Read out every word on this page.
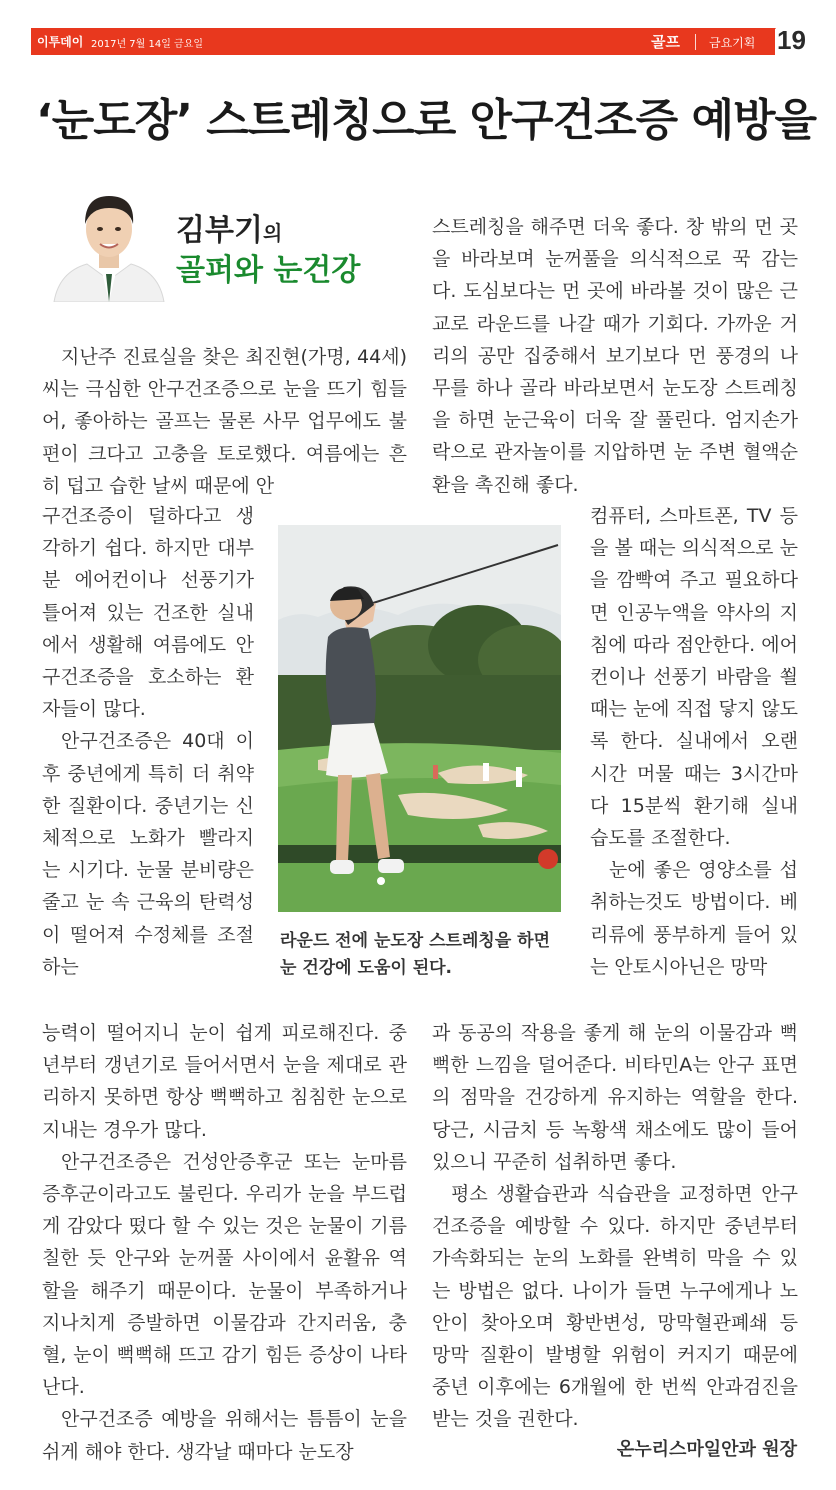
이투데이 2017년 7월 14일 금요일	골프 금요기획 19
‘눈도장’ 스트레칭으로 안구건조증 예방을
김부기의
골퍼와 눈건강

지난주 진료실을 찾은 최진현(가명, 44세) 씨는 극심한 안구건조증으로 눈을 뜨기 힘들어, 좋아하는 골프는 물론 사무 업무에도 불편이 크다고 고충을 토로했다. 여름에는 흔히 덥고 습한 날씨 때문에 안

구건조증이 덜하다고 생각하기 쉽다. 하지만 대부분 에어컨이나 선풍기가 틀어져 있는 건조한 실내에서 생활해 여름에도 안구건조증을 호소하는 환자들이 많다.

안구건조증은 40대 이후 중년에게 특히 더 취약한 질환이다. 중년기는 신체적으로 노화가 빨라지는 시기다. 눈물 분비량은 줄고 눈 속 근육의 탄력성이 떨어져 수정체를 조절하는

능력이 떨어지니 눈이 쉽게 피로해진다. 중년부터 갱년기로 들어서면서 눈을 제대로 관리하지 못하면 항상 뻑뻑하고 침침한 눈으로 지내는 경우가 많다.

안구건조증은 건성안증후군 또는 눈마름증후군이라고도 불린다. 우리가 눈을 부드럽게 감았다 떴다 할 수 있는 것은 눈물이 기름칠한 듯 안구와 눈꺼풀 사이에서 윤활유 역할을 해주기 때문이다. 눈물이 부족하거나 지나치게 증발하면 이물감과 간지러움, 충혈, 눈이 뻑뻑해 뜨고 감기 힘든 증상이 나타난다.

안구건조증 예방을 위해서는 틈틈이 눈을 쉬게 해야 한다. 생각날 때마다 눈도장

스트레칭을 해주면 더욱 좋다. 창 밖의 먼 곳을 바라보며 눈꺼풀을 의식적으로 꾹 감는다. 도심보다는 먼 곳에 바라볼 것이 많은 근교로 라운드를 나갈 때가 기회다. 가까운 거리의 공만 집중해서 보기보다 먼 풍경의 나무를 하나 골라 바라보면서 눈도장 스트레칭을 하면 눈근육이 더욱 잘 풀린다. 엄지손가락으로 관자놀이를 지압하면 눈 주변 혈액순환을 촉진해 좋다.

컴퓨터, 스마트폰, TV 등을 볼 때는 의식적으로 눈을 깜빡여 주고 필요하다면 인공누액을 약사의 지침에 따라 점안한다. 에어컨이나 선풍기 바람을 쐴 때는 눈에 직접 닿지 않도록 한다. 실내에서 오랜 시간 머물 때는 3시간마다 15분씩 환기해 실내 습도를 조절한다.

눈에 좋은 영양소를 섭취하는것도 방법이다. 베리류에 풍부하게 들어 있는 안토시아닌은 망막

과 동공의 작용을 좋게 해 눈의 이물감과 뻑뻑한 느낌을 덜어준다. 비타민A는 안구 표면의 점막을 건강하게 유지하는 역할을 한다. 당근, 시금치 등 녹황색 채소에도 많이 들어 있으니 꾸준히 섭취하면 좋다.

평소 생활습관과 식습관을 교정하면 안구건조증을 예방할 수 있다. 하지만 중년부터 가속화되는 눈의 노화를 완벽히 막을 수 있는 방법은 없다. 나이가 들면 누구에게나 노안이 찾아오며 황반변성, 망막혈관폐쇄 등 망막 질환이 발병할 위험이 커지기 때문에 중년 이후에는 6개월에 한 번씩 안과검진을 받는 것을 권한다.

라운드 전에 눈도장 스트레칭을 하면 눈 건강에 도움이 된다.
온누리스마일안과 원장
